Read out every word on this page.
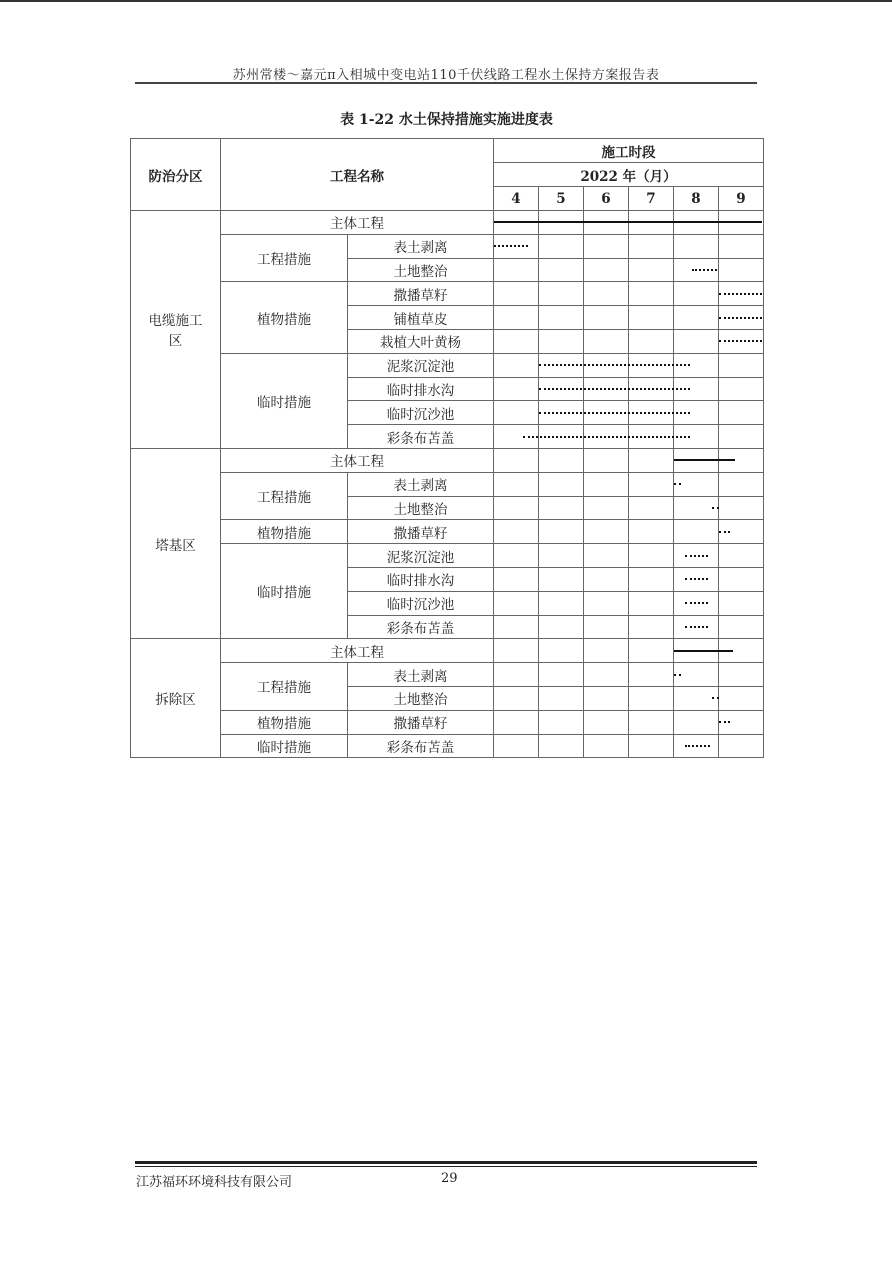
苏州常楼～嘉元π入相城中变电站110千伏线路工程水土保持方案报告表
表 1-22 水土保持措施实施进度表
防治分区	工程名称		施工时段					
			2022 年（月）					
			4	5	6	7	8	9
电缆施工区	主体工程		

	工程措施	表土剥离	

		土地整治	

	植物措施	撒播草籽	

		铺植草皮	

		栽植大叶黄杨	

	临时措施	泥浆沉淀池	

		临时排水沟	

		临时沉沙池	

		彩条布苫盖	

塔基区	主体工程		

	工程措施	表土剥离	

		土地整治	

	植物措施	撒播草籽	

	临时措施	泥浆沉淀池	

		临时排水沟	

		临时沉沙池	

		彩条布苫盖	

拆除区	主体工程		

	工程措施	表土剥离	

		土地整治	

	植物措施	撒播草籽	

	临时措施	彩条布苫盖	

江苏福环环境科技有限公司	29
